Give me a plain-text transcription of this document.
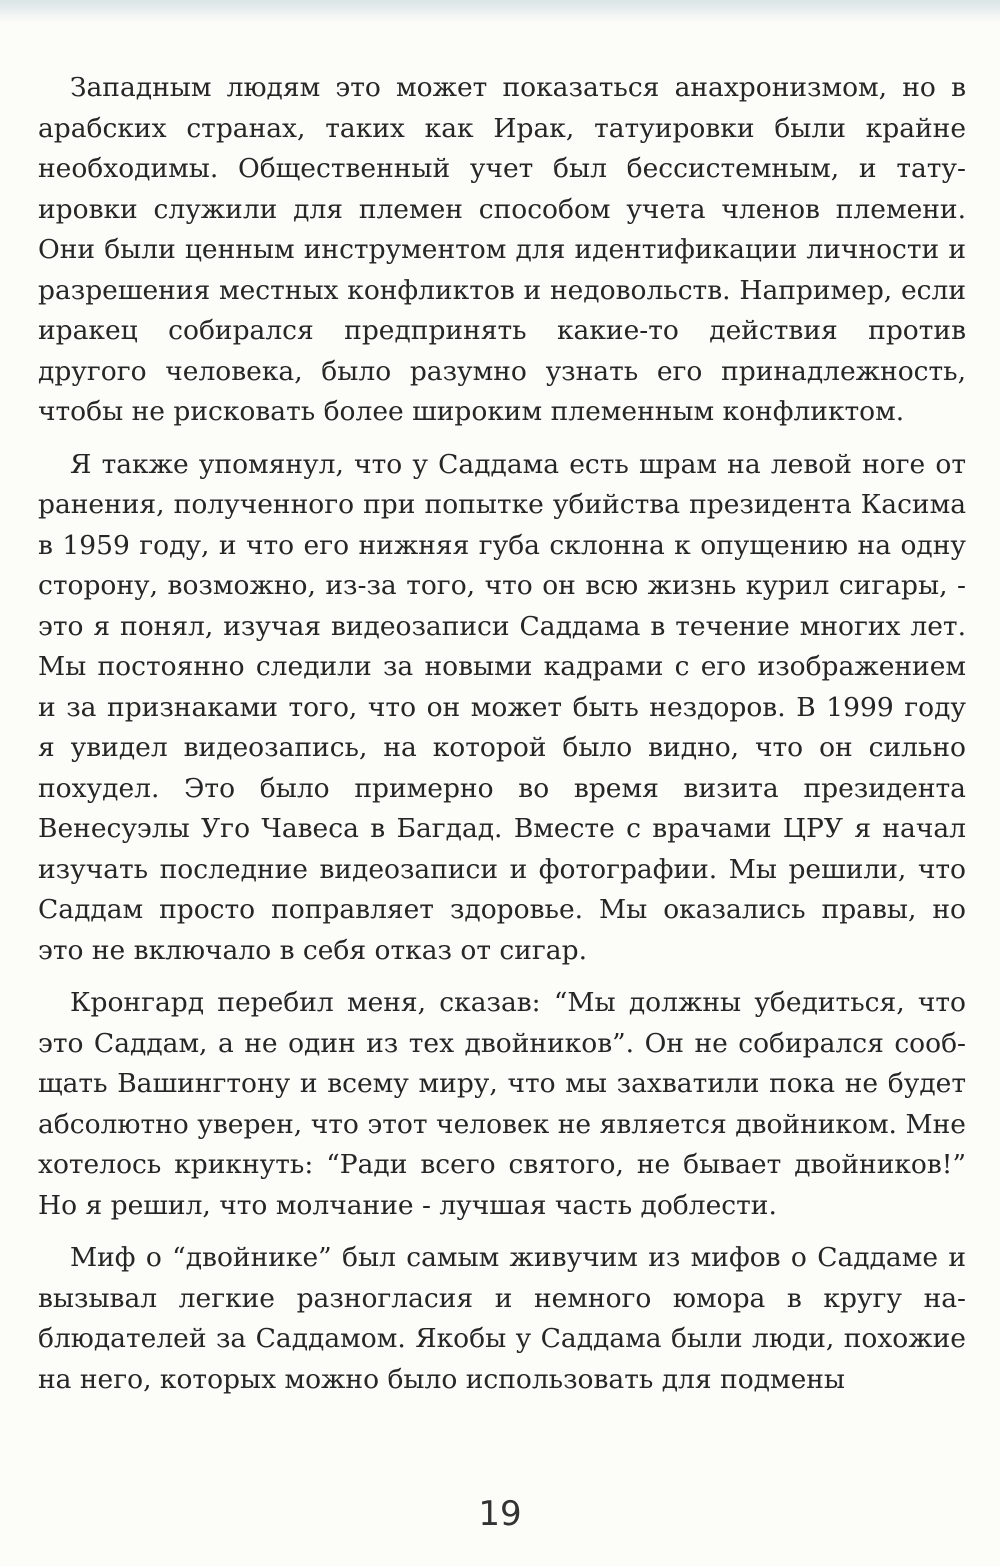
Западным людям это может показаться анахронизмом, но в арабских странах, таких как Ирак, татуировки были крайне необходимы. Общественный учет был бессистемным, и татуировки служили для племен способом учета членов племени. Они были ценным инструментом для идентификации личности и разрешения местных конфликтов и недовольств. Например, если иракец собирался предпринять какие-то действия против другого человека, было разумно узнать его принадлежность, чтобы не рисковать более широким племенным конфликтом.

Я также упомянул, что у Саддама есть шрам на левой ноге от ранения, полученного при попытке убийства президента Касима в 1959 году, и что его нижняя губа склонна к опущению на одну сторону, возможно, из-за того, что он всю жизнь курил сигары, - это я понял, изучая видеозаписи Саддама в течение многих лет. Мы постоянно следили за новыми кадрами с его изображением и за признаками того, что он может быть нездоров. В 1999 году я увидел видеозапись, на которой было видно, что он сильно похудел. Это было примерно во время визита президента Венесуэлы Уго Чавеса в Багдад. Вместе с врачами ЦРУ я начал изучать последние видеозаписи и фотографии. Мы решили, что Саддам просто поправляет здоровье. Мы оказались правы, но это не включало в себя отказ от сигар.

Кронгард перебил меня, сказав: “Мы должны убедиться, что это Саддам, а не один из тех двойников”. Он не собирался сообщать Вашингтону и всему миру, что мы захватили пока не будет абсолютно уверен, что этот человек не является двойником. Мне хотелось крикнуть: “Ради всего святого, не бывает двойников!” Но я решил, что молчание - лучшая часть доблести.

Миф о “двойнике” был самым живучим из мифов о Саддаме и вызывал легкие разногласия и немного юмора в кругу наблюдателей за Саддамом. Якобы у Саддама были люди, похожие на него, которых можно было использовать для подмены

19
